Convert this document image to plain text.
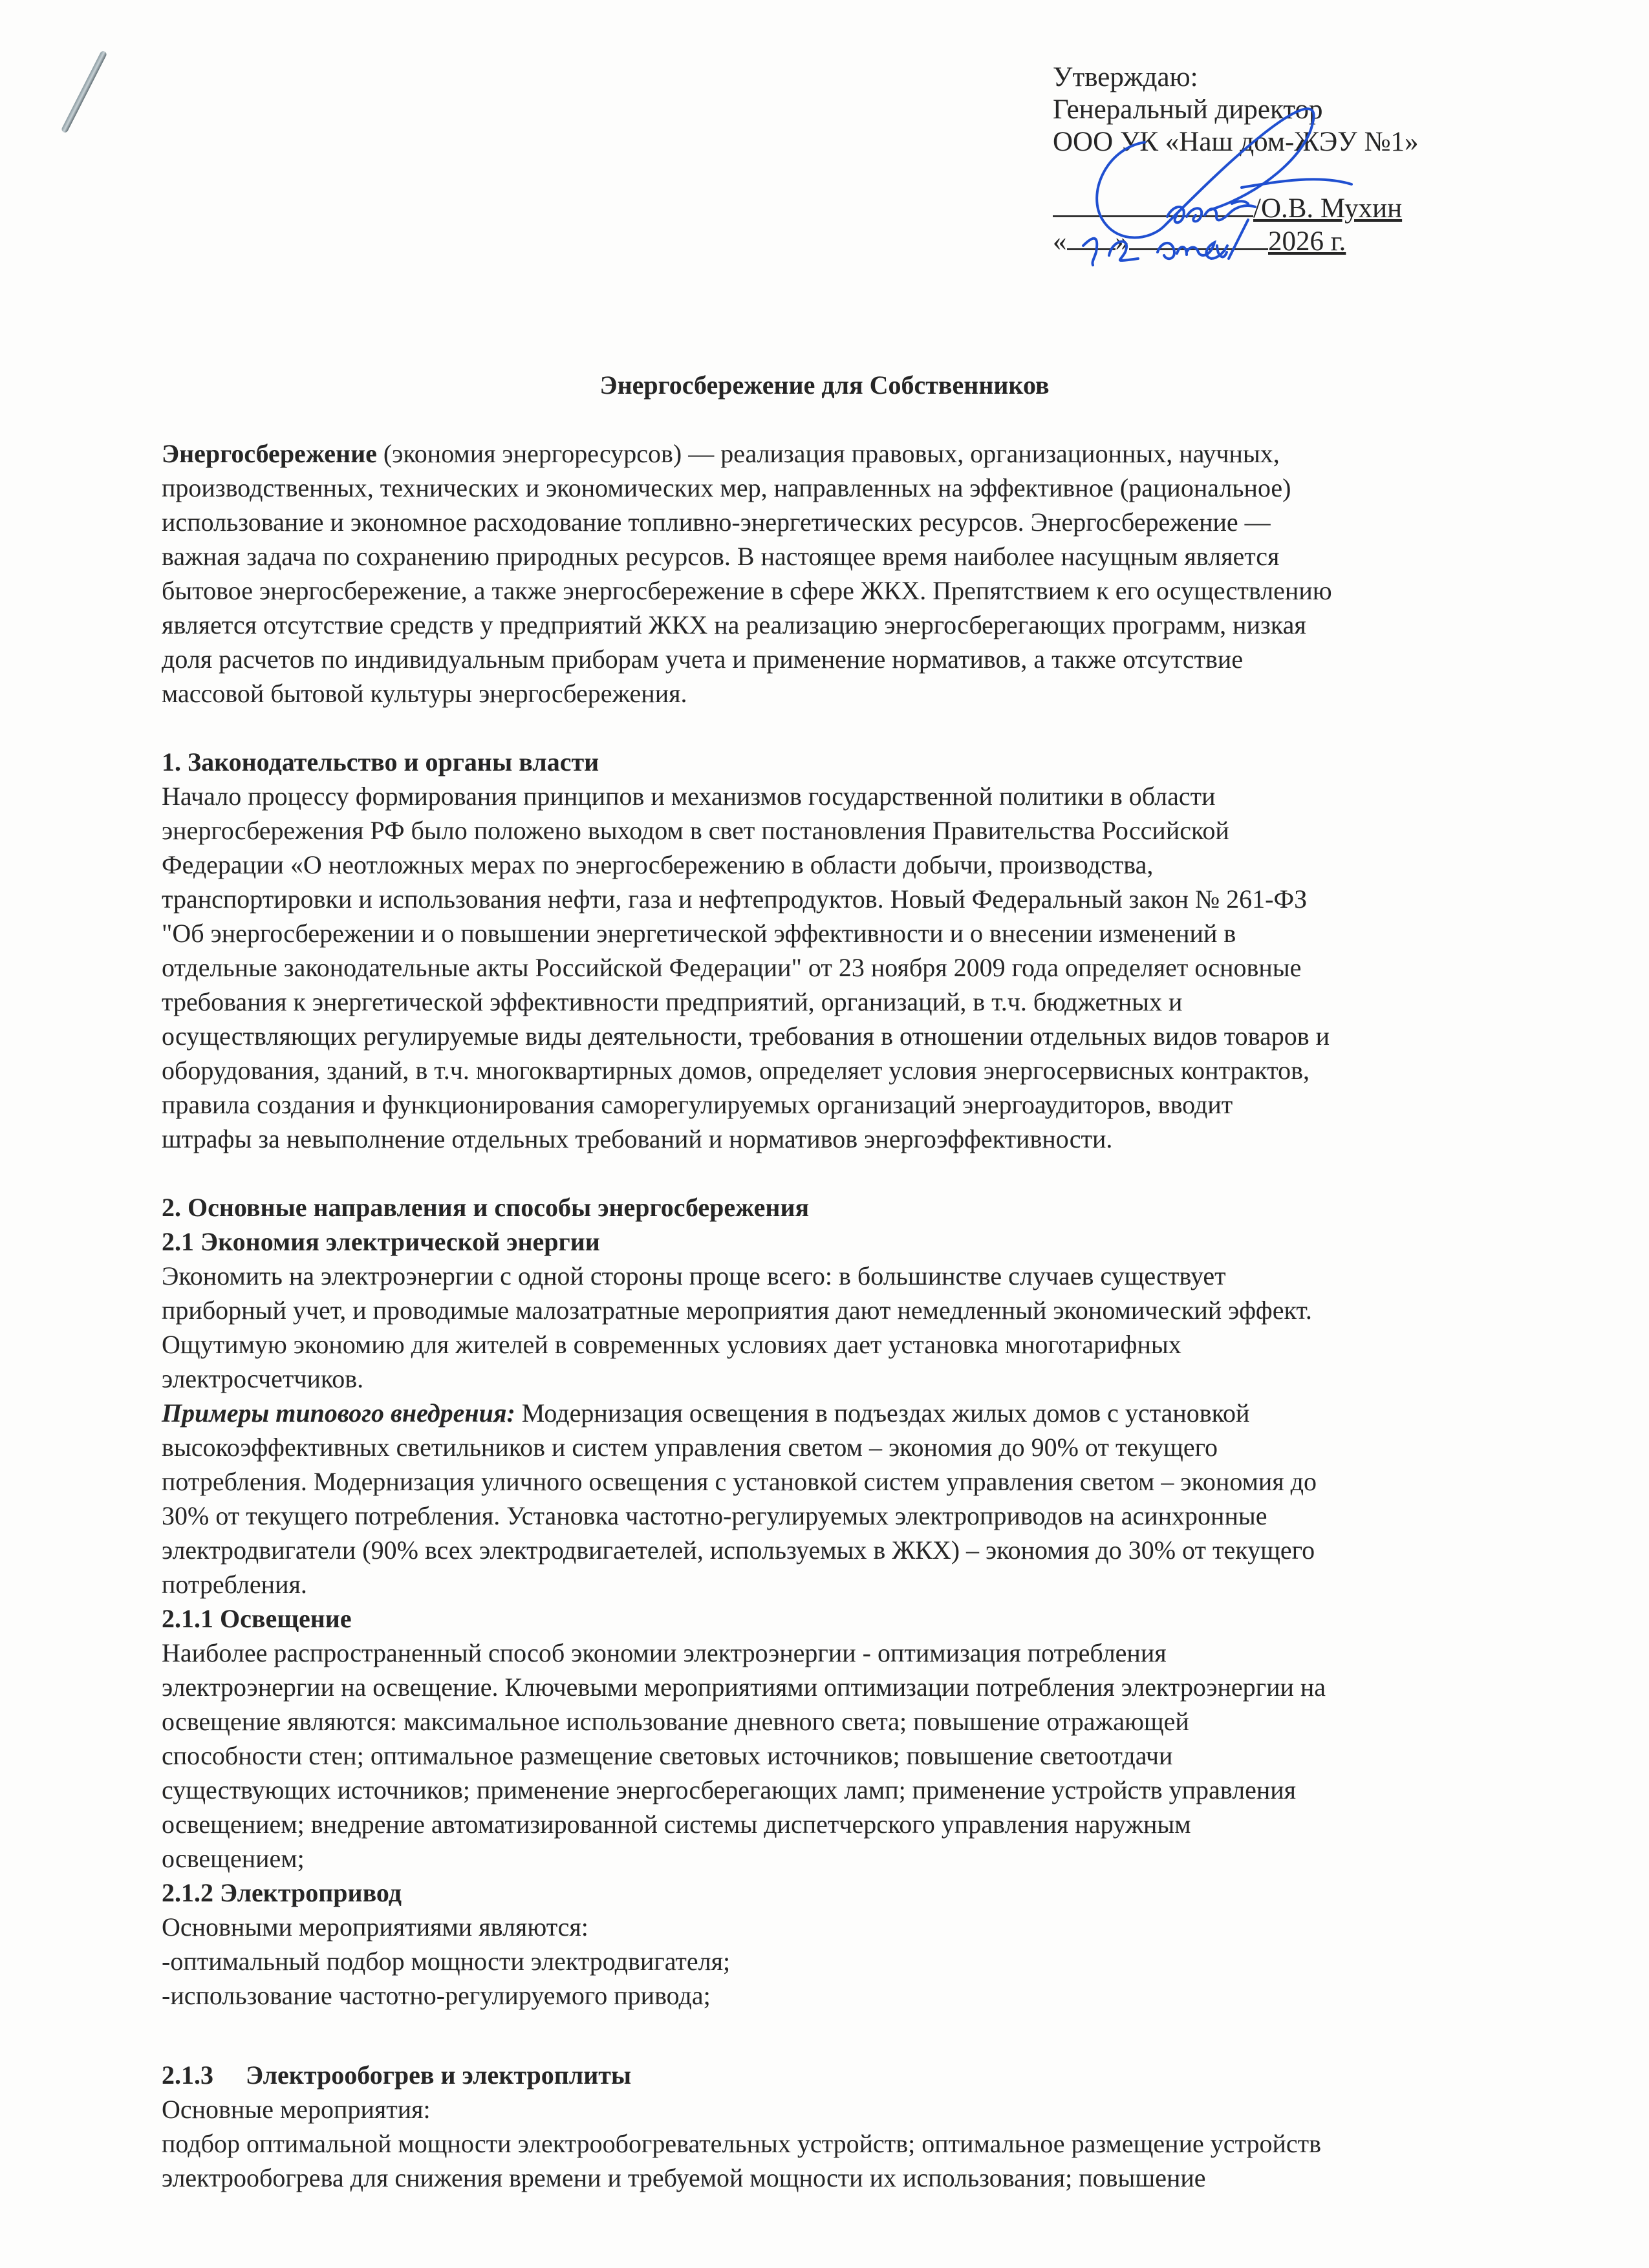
Утверждаю:
Генеральный директор
ООО УК «Наш дом-ЖЭУ №1»
/О.В. Мухин
« »	2026 г.
Энергосбережение для Собственников
Энергосбережение (экономия энергоресурсов) — реализация правовых, организационных, научных,
производственных, технических и экономических мер, направленных на эффективное (рациональное)
использование и экономное расходование топливно-энергетических ресурсов. Энергосбережение —
важная задача по сохранению природных ресурсов. В настоящее время наиболее насущным является
бытовое энергосбережение, а также энергосбережение в сфере ЖКХ. Препятствием к его осуществлению
является отсутствие средств у предприятий ЖКХ на реализацию энергосберегающих программ, низкая
доля расчетов по индивидуальным приборам учета и применение нормативов, а также отсутствие
массовой бытовой культуры энергосбережения.
1. Законодательство и органы власти
Начало процессу формирования принципов и механизмов государственной политики в области
энергосбережения РФ было положено выходом в свет постановления Правительства Российской
Федерации «О неотложных мерах по энергосбережению в области добычи, производства,
транспортировки и использования нефти, газа и нефтепродуктов. Новый Федеральный закон № 261-ФЗ
"Об энергосбережении и о повышении энергетической эффективности и о внесении изменений в
отдельные законодательные акты Российской Федерации" от 23 ноября 2009 года определяет основные
требования к энергетической эффективности предприятий, организаций, в т.ч. бюджетных и
осуществляющих регулируемые виды деятельности, требования в отношении отдельных видов товаров и
оборудования, зданий, в т.ч. многоквартирных домов, определяет условия энергосервисных контрактов,
правила создания и функционирования саморегулируемых организаций энергоаудиторов, вводит
штрафы за невыполнение отдельных требований и нормативов энергоэффективности.
2. Основные направления и способы энергосбережения
2.1 Экономия электрической энергии
Экономить на электроэнергии с одной стороны проще всего: в большинстве случаев существует
приборный учет, и проводимые малозатратные мероприятия дают немедленный экономический эффект.
Ощутимую экономию для жителей в современных условиях дает установка многотарифных
электросчетчиков.
Примеры типового внедрения: Модернизация освещения в подъездах жилых домов с установкой
высокоэффективных светильников и систем управления светом – экономия до 90% от текущего
потребления. Модернизация уличного освещения с установкой систем управления светом – экономия до
30% от текущего потребления. Установка частотно-регулируемых электроприводов на асинхронные
электродвигатели (90% всех электродвигаетелей, используемых в ЖКХ) – экономия до 30% от текущего
потребления.
2.1.1 Освещение
Наиболее распространенный способ экономии электроэнергии - оптимизация потребления
электроэнергии на освещение. Ключевыми мероприятиями оптимизации потребления электроэнергии на
освещение являются: максимальное использование дневного света; повышение отражающей
способности стен; оптимальное размещение световых источников; повышение светоотдачи
существующих источников; применение энергосберегающих ламп; применение устройств управления
освещением; внедрение автоматизированной системы диспетчерского управления наружным
освещением;
2.1.2 Электропривод
Основными мероприятиями являются:
-оптимальный подбор мощности электродвигателя;
-использование частотно-регулируемого привода;
2.1.3     Электрообогрев и электроплиты
Основные мероприятия:
подбор оптимальной мощности электрообогревательных устройств; оптимальное размещение устройств
электрообогрева для снижения времени и требуемой мощности их использования; повышение
